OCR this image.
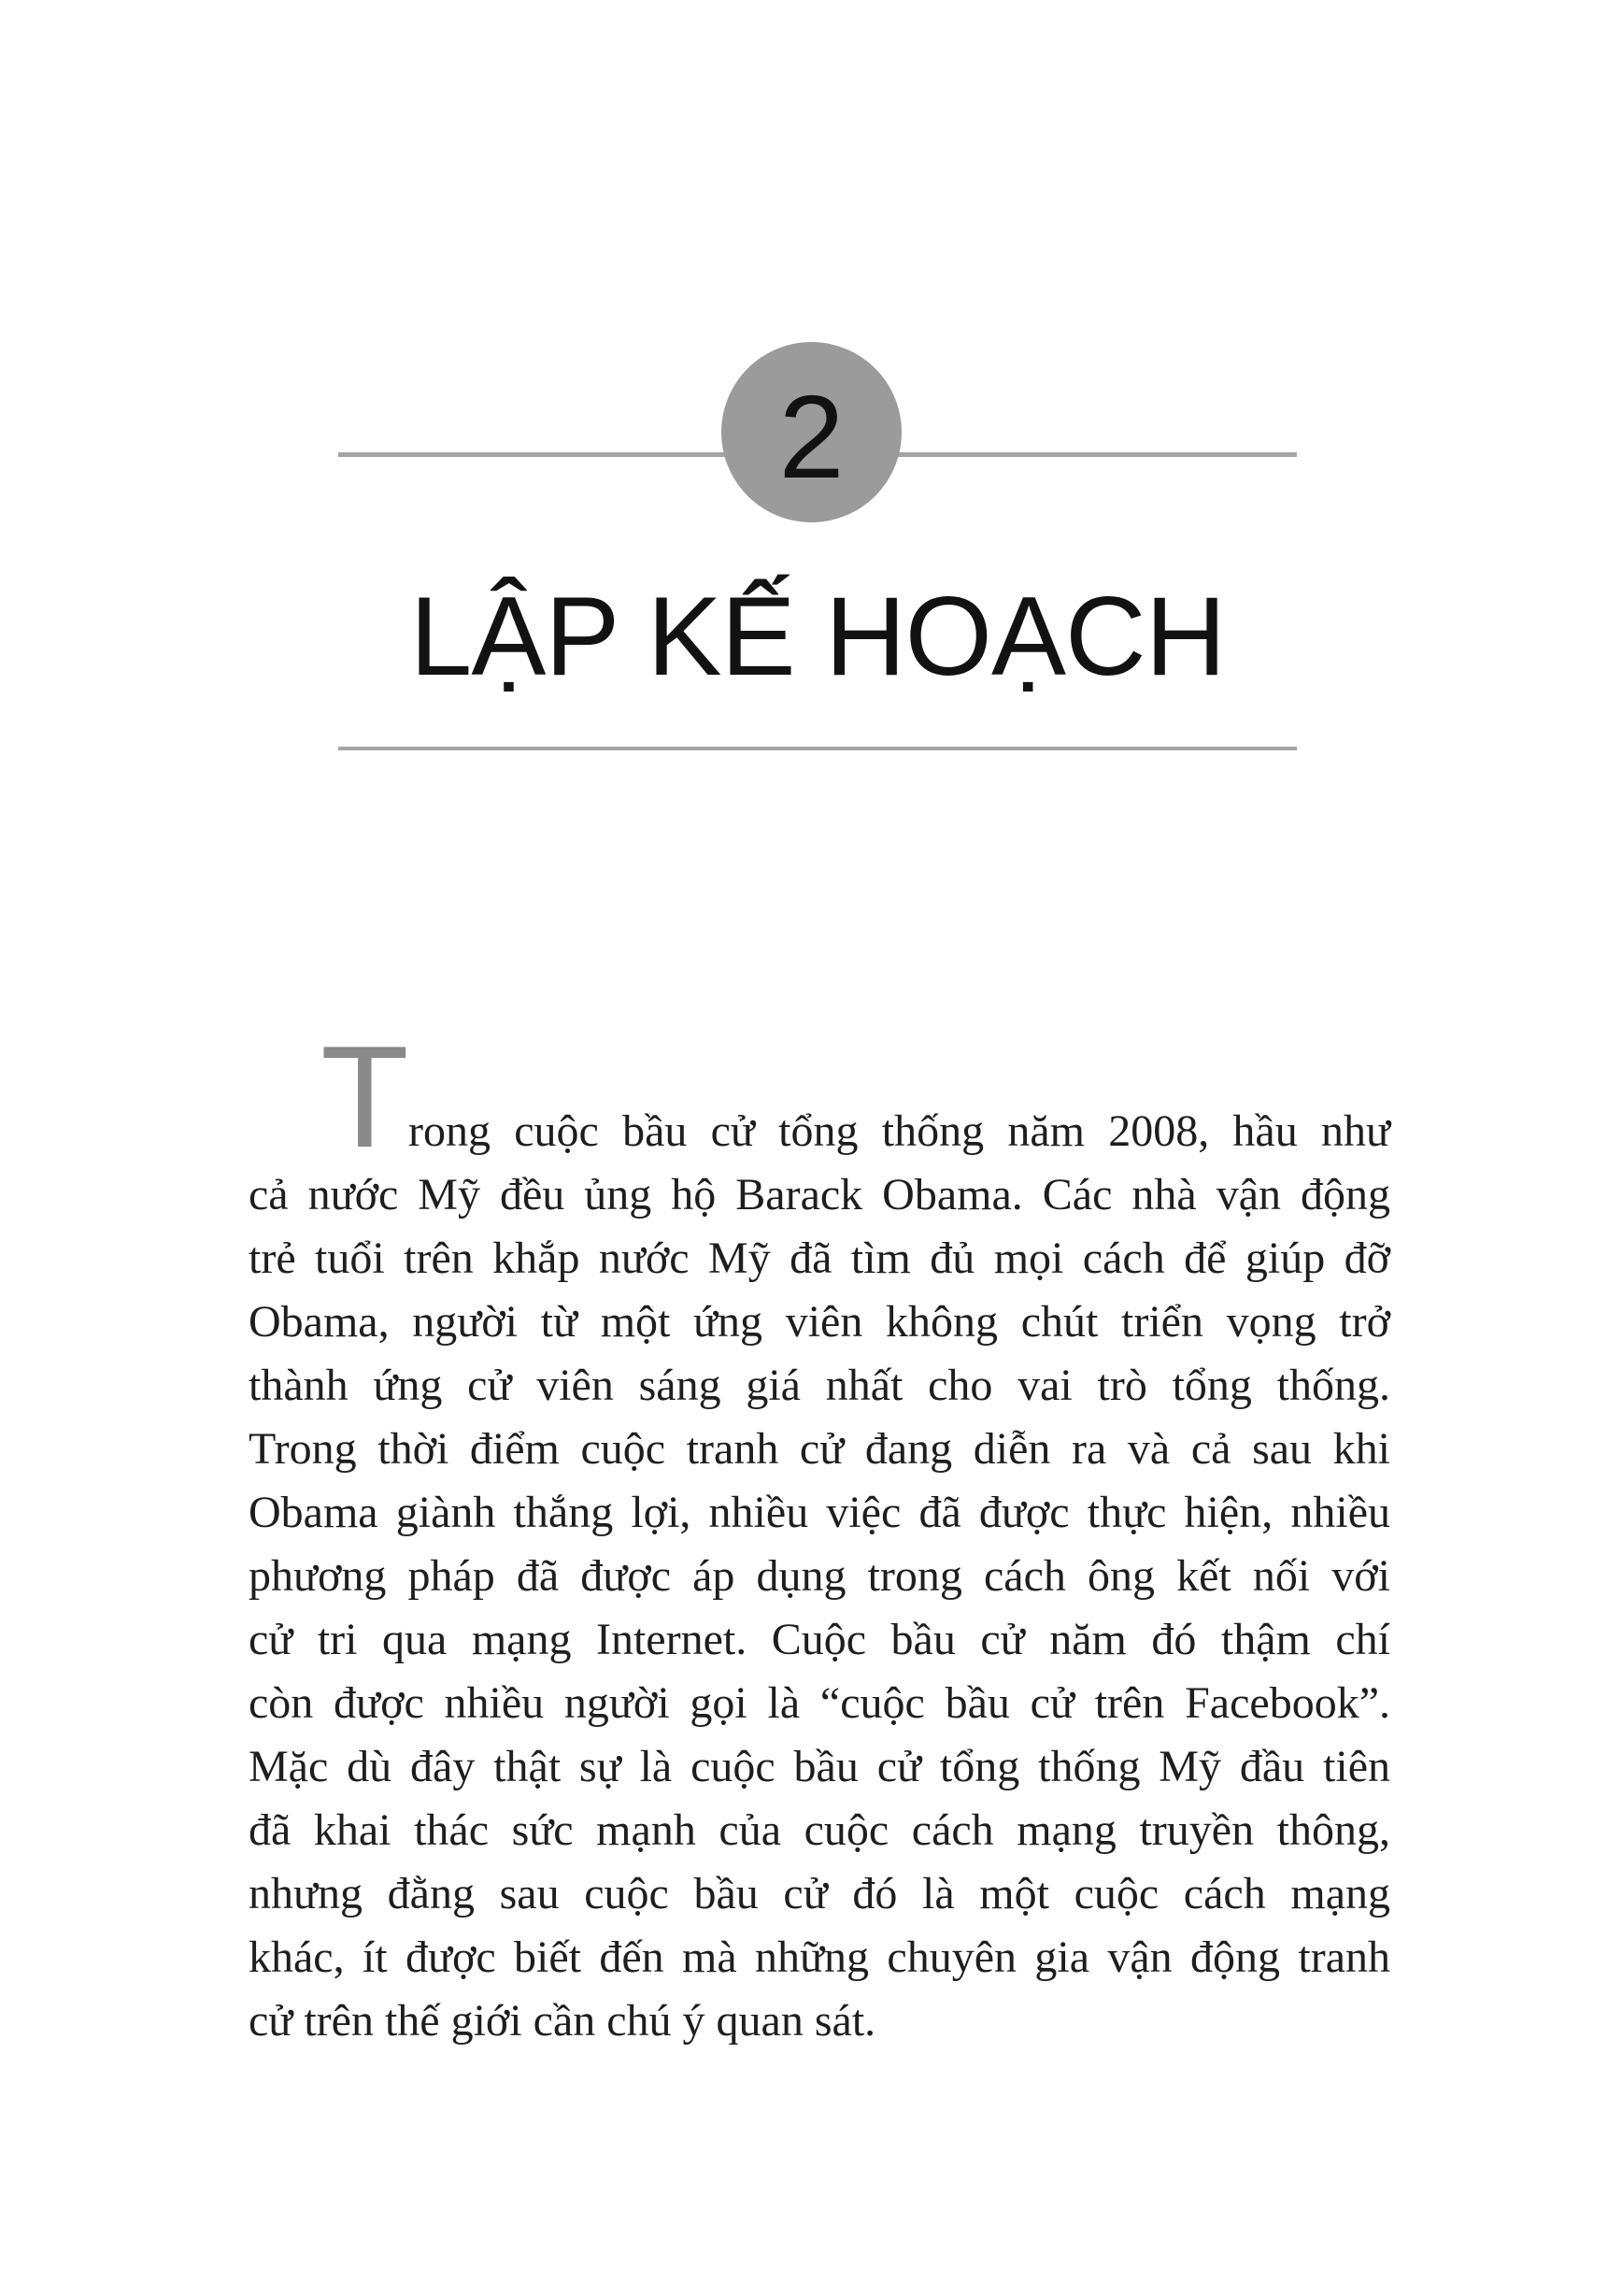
2
LẬP KẾ HOẠCH
T rong cuộc bầu cử tổng thống năm 2008, hầu như
cả nước Mỹ đều ủng hộ Barack Obama. Các nhà vận động
trẻ tuổi trên khắp nước Mỹ đã tìm đủ mọi cách để giúp đỡ
Obama, người từ một ứng viên không chút triển vọng trở
thành ứng cử viên sáng giá nhất cho vai trò tổng thống.
Trong thời điểm cuộc tranh cử đang diễn ra và cả sau khi
Obama giành thắng lợi, nhiều việc đã được thực hiện, nhiều
phương pháp đã được áp dụng trong cách ông kết nối với
cử tri qua mạng Internet. Cuộc bầu cử năm đó thậm chí
còn được nhiều người gọi là “cuộc bầu cử trên Facebook”.
Mặc dù đây thật sự là cuộc bầu cử tổng thống Mỹ đầu tiên
đã khai thác sức mạnh của cuộc cách mạng truyền thông,
nhưng đằng sau cuộc bầu cử đó là một cuộc cách mạng
khác, ít được biết đến mà những chuyên gia vận động tranh
cử trên thế giới cần chú ý quan sát.
